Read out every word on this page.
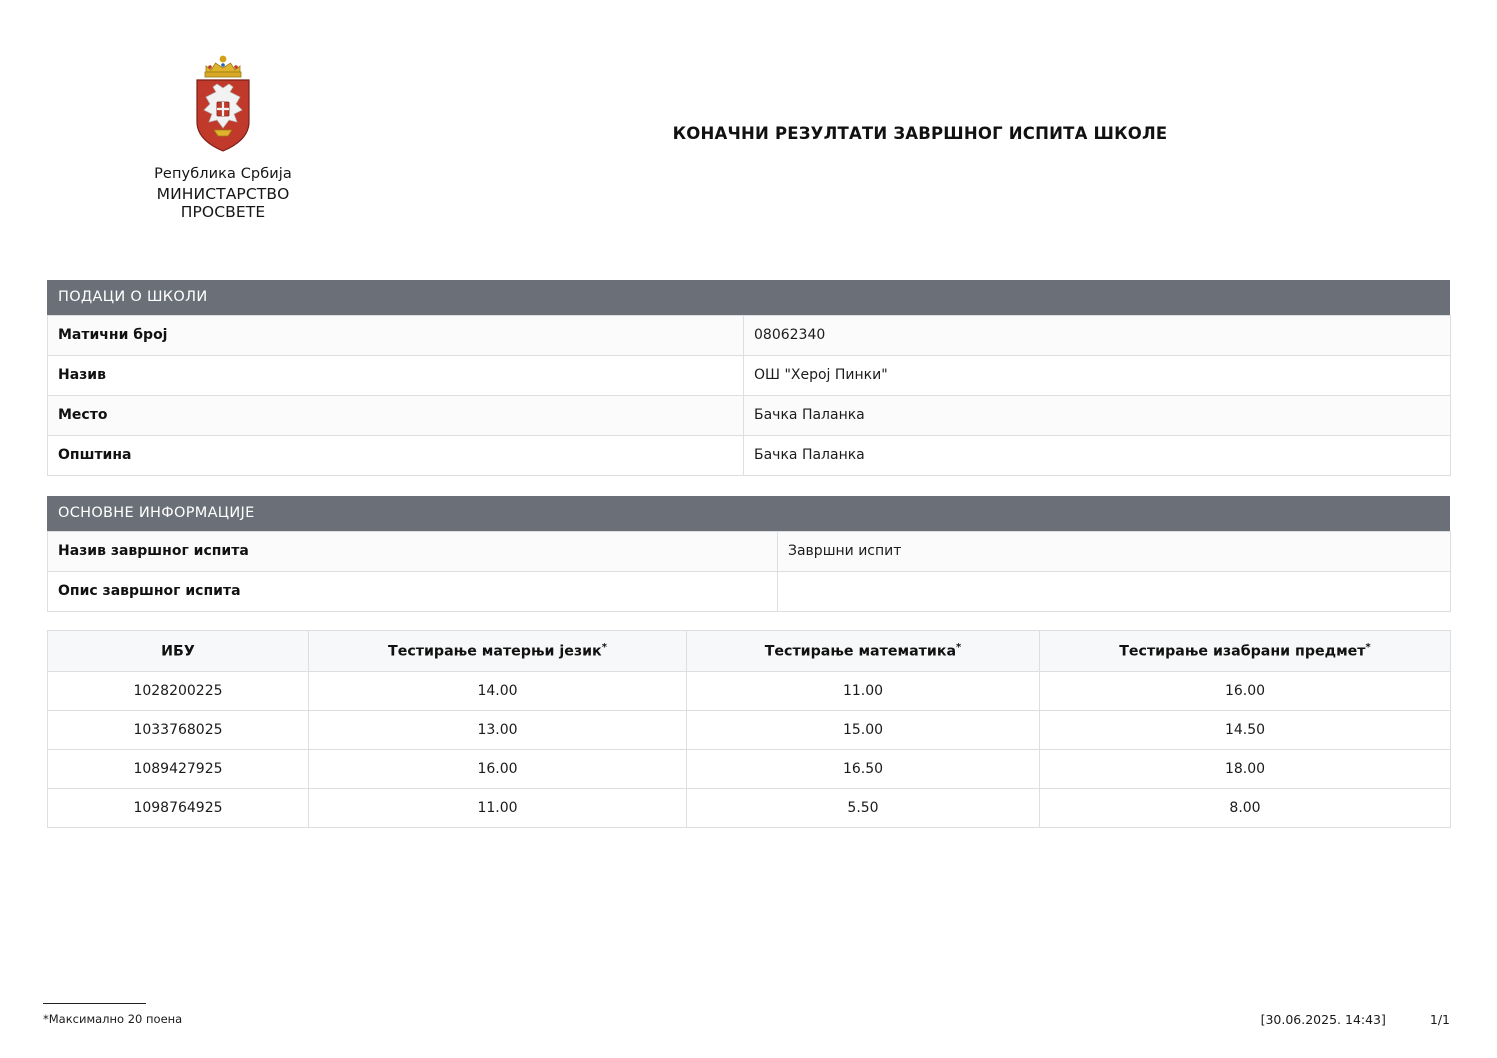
Република Србија
МИНИСТАРСТВО ПРОСВЕТЕ
КОНАЧНИ РЕЗУЛТАТИ ЗАВРШНОГ ИСПИТА ШКОЛЕ
ПОДАЦИ О ШКОЛИ
Матични број	08062340
Назив	ОШ "Хероj Пинки"
Место	Бачка Паланка
Општина	Бачка Паланка
ОСНОВНЕ ИНФОРМАЦИЈЕ
Назив завршног испита	Завршни испит
Опис завршног испита	
ИБУ	Тестирање матерњи језик*	Тестирање математика*	Тестирање изабрани предмет*
1028200225	14.00	11.00	16.00
1033768025	13.00	15.00	14.50
1089427925	16.00	16.50	18.00
1098764925	11.00	5.50	8.00
*Максимално 20 поена	[30.06.2025. 14:43]	1/1
